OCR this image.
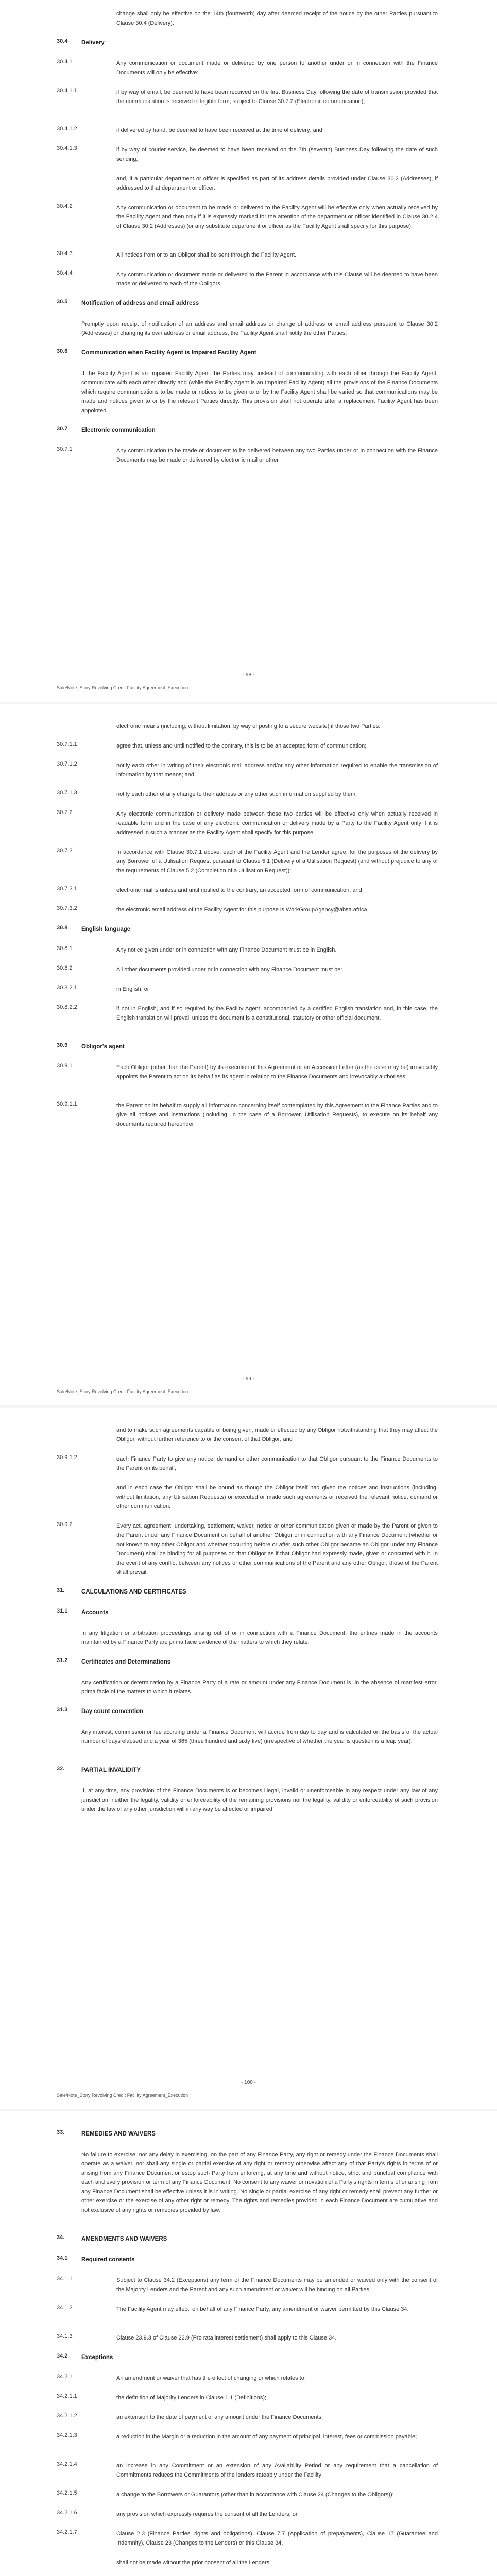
change shall only be effective on the 14th (fourteenth) day after deemed receipt of the notice by the other Parties pursuant to Clause 30.4 (Delivery).
30.4 Delivery
30.4.1	Any communication or document made or delivered by one person to another under or in connection with the Finance Documents will only be effective:
30.4.1.1	if by way of email, be deemed to have been received on the first Business Day following the date of transmission provided that the communication is received in legible form, subject to Clause 30.7.2 (Electronic communication);
30.4.1.2	if delivered by hand, be deemed to have been received at the time of delivery; and
30.4.1.3	if by way of courier service, be deemed to have been received on the 7th (seventh) Business Day following the date of such sending,
and, if a particular department or officer is specified as part of its address details provided under Clause 30.2 (Addresses), if addressed to that department or officer.
30.4.2	Any communication or document to be made or delivered to the Facility Agent will be effective only when actually received by the Facility Agent and then only if it is expressly marked for the attention of the department or officer identified in Clause 30.2.4 of Clause 30.2 (Addresses) (or any substitute department or officer as the Facility Agent shall specify for this purpose).
30.4.3	All notices from or to an Obligor shall be sent through the Facility Agent.
30.4.4	Any communication or document made or delivered to the Parent in accordance with this Clause will be deemed to have been made or delivered to each of the Obligors.
30.5 Notification of address and email address
Promptly upon receipt of notification of an address and email address or change of address or email address pursuant to Clause 30.2 (Addresses) or changing its own address or email address, the Facility Agent shall notify the other Parties.
30.6 Communication when Facility Agent is Impaired Facility Agent
If the Facility Agent is an Impaired Facility Agent the Parties may, instead of communicating with each other through the Facility Agent, communicate with each other directly and (while the Facility Agent is an Impaired Facility Agent) all the provisions of the Finance Documents which require communications to be made or notices to be given to or by the Facility Agent shall be varied so that communications may be made and notices given to or by the relevant Parties directly. This provision shall not operate after a replacement Facility Agent has been appointed.
30.7 Electronic communication
30.7.1	Any communication to be made or document to be delivered between any two Parties under or in connection with the Finance Documents may be made or delivered by electronic mail or other
Sale/Note_Story Revolving Credit Facility Agreement_Execution
- 98 -
electronic means (including, without limitation, by way of posting to a secure website) if those two Parties:
30.7.1.1	agree that, unless and until notified to the contrary, this is to be an accepted form of communication;
30.7.1.2	notify each other in writing of their electronic mail address and/or any other information required to enable the transmission of information by that means; and
30.7.1.3	notify each other of any change to their address or any other such information supplied by them.
30.7.2	Any electronic communication or delivery made between those two parties will be effective only when actually received in readable form and in the case of any electronic communication or delivery made by a Party to the Facility Agent only if it is addressed in such a manner as the Facility Agent shall specify for this purpose.
30.7.3	In accordance with Clause 30.7.1 above, each of the Facility Agent and the Lender agree, for the purposes of the delivery by any Borrower of a Utilisation Request pursuant to Clause 5.1 (Delivery of a Utilisation Request) (and without prejudice to any of the requirements of Clause 5.2 (Completion of a Utilisation Request)):
30.7.3.1	electronic mail is unless and until notified to the contrary, an accepted form of communication; and
30.7.3.2	the electronic email address of the Facility Agent for this purpose is WorkGroupAgency@absa.africa.
30.8 English language
30.8.1	Any notice given under or in connection with any Finance Document must be in English.
30.8.2	All other documents provided under or in connection with any Finance Document must be:
30.8.2.1	in English; or
30.8.2.2	if not in English, and if so required by the Facility Agent, accompanied by a certified English translation and, in this case, the English translation will prevail unless the document is a constitutional, statutory or other official document.
30.9 Obligor's agent
30.9.1	Each Obligor (other than the Parent) by its execution of this Agreement or an Accession Letter (as the case may be) irrevocably appoints the Parent to act on its behalf as its agent in relation to the Finance Documents and irrevocably authorises:
30.9.1.1	the Parent on its behalf to supply all information concerning itself contemplated by this Agreement to the Finance Parties and to give all notices and instructions (including, in the case of a Borrower, Utilisation Requests), to execute on its behalf any documents required hereunder
Sale/Note_Story Revolving Credit Facility Agreement_Execution
- 99 -
and to make such agreements capable of being given, made or effected by any Obligor notwithstanding that they may affect the Obligor, without further reference to or the consent of that Obligor; and
30.9.1.2	each Finance Party to give any notice, demand or other communication to that Obligor pursuant to the Finance Documents to the Parent on its behalf,
and in each case the Obligor shall be bound as though the Obligor itself had given the notices and instructions (including, without limitation, any Utilisation Requests) or executed or made such agreements or received the relevant notice, demand or other communication.
30.9.2	Every act, agreement, undertaking, settlement, waiver, notice or other communication given or made by the Parent or given to the Parent under any Finance Document on behalf of another Obligor or in connection with any Finance Document (whether or not known to any other Obligor and whether occurring before or after such other Obligor became an Obligor under any Finance Document) shall be binding for all purposes on that Obligor as if that Obligor had expressly made, given or concurred with it. In the event of any conflict between any notices or other communications of the Parent and any other Obligor, those of the Parent shall prevail.
31.	CALCULATIONS AND CERTIFICATES
31.1 Accounts
In any litigation or arbitration proceedings arising out of or in connection with a Finance Document, the entries made in the accounts maintained by a Finance Party are prima facie evidence of the matters to which they relate.
31.2 Certificates and Determinations
Any certification or determination by a Finance Party of a rate or amount under any Finance Document is, in the absence of manifest error, prima facie of the matters to which it relates.
31.3 Day count convention
Any interest, commission or fee accruing under a Finance Document will accrue from day to day and is calculated on the basis of the actual number of days elapsed and a year of 365 (three hundred and sixty five) (irrespective of whether the year is question is a leap year).
32.	PARTIAL INVALIDITY
If, at any time, any provision of the Finance Documents is or becomes illegal, invalid or unenforceable in any respect under any law of any jurisdiction, neither the legality, validity or enforceability of the remaining provisions nor the legality, validity or enforceability of such provision under the law of any other jurisdiction will in any way be affected or impaired.
Sale/Note_Story Revolving Credit Facility Agreement_Execution
- 100 -
33.	REMEDIES AND WAIVERS
No failure to exercise, nor any delay in exercising, on the part of any Finance Party, any right or remedy under the Finance Documents shall operate as a waiver, nor shall any single or partial exercise of any right or remedy otherwise affect any of that Party's rights in terms of or arising from any Finance Document or estop such Party from enforcing, at any time and without notice, strict and punctual compliance with each and every provision or term of any Finance Document. No consent to any waiver or novation of a Party's rights in terms of or arising from any Finance Document shall be effective unless it is in writing. No single or partial exercise of any right or remedy shall prevent any further or other exercise or the exercise of any other right or remedy. The rights and remedies provided in each Finance Document are cumulative and not exclusive of any rights or remedies provided by law.
34.	AMENDMENTS AND WAIVERS
34.1 Required consents
34.1.1	Subject to Clause 34.2 (Exceptions) any term of the Finance Documents may be amended or waived only with the consent of the Majority Lenders and the Parent and any such amendment or waiver will be binding on all Parties.
34.1.2	The Facility Agent may effect, on behalf of any Finance Party, any amendment or waiver permitted by this Clause 34.
34.1.3	Clause 23.9.3 of Clause 23.9 (Pro rata interest settlement) shall apply to this Clause 34.
34.2 Exceptions
34.2.1	An amendment or waiver that has the effect of changing or which relates to:
34.2.1.1	the definition of Majority Lenders in Clause 1.1 (Definitions);
34.2.1.2	an extension to the date of payment of any amount under the Finance Documents;
34.2.1.3	a reduction in the Margin or a reduction in the amount of any payment of principal, interest, fees or commission payable;
34.2.1.4	an increase in any Commitment or an extension of any Availability Period or any requirement that a cancellation of Commitments reduces the Commitments of the lenders rateably under the Facility;
34.2.1.5	a change to the Borrowers or Guarantors (other than in accordance with Clause 24 (Changes to the Obligors));
34.2.1.6	any provision which expressly requires the consent of all the Lenders; or
34.2.1.7	Clause 2.3 (Finance Parties' rights and obligations), Clause 7.7 (Application of prepayments), Clause 17 (Guarantee and Indemnity), Clause 23 (Changes to the Lenders) or this Clause 34,
shall not be made without the prior consent of all the Lenders.
